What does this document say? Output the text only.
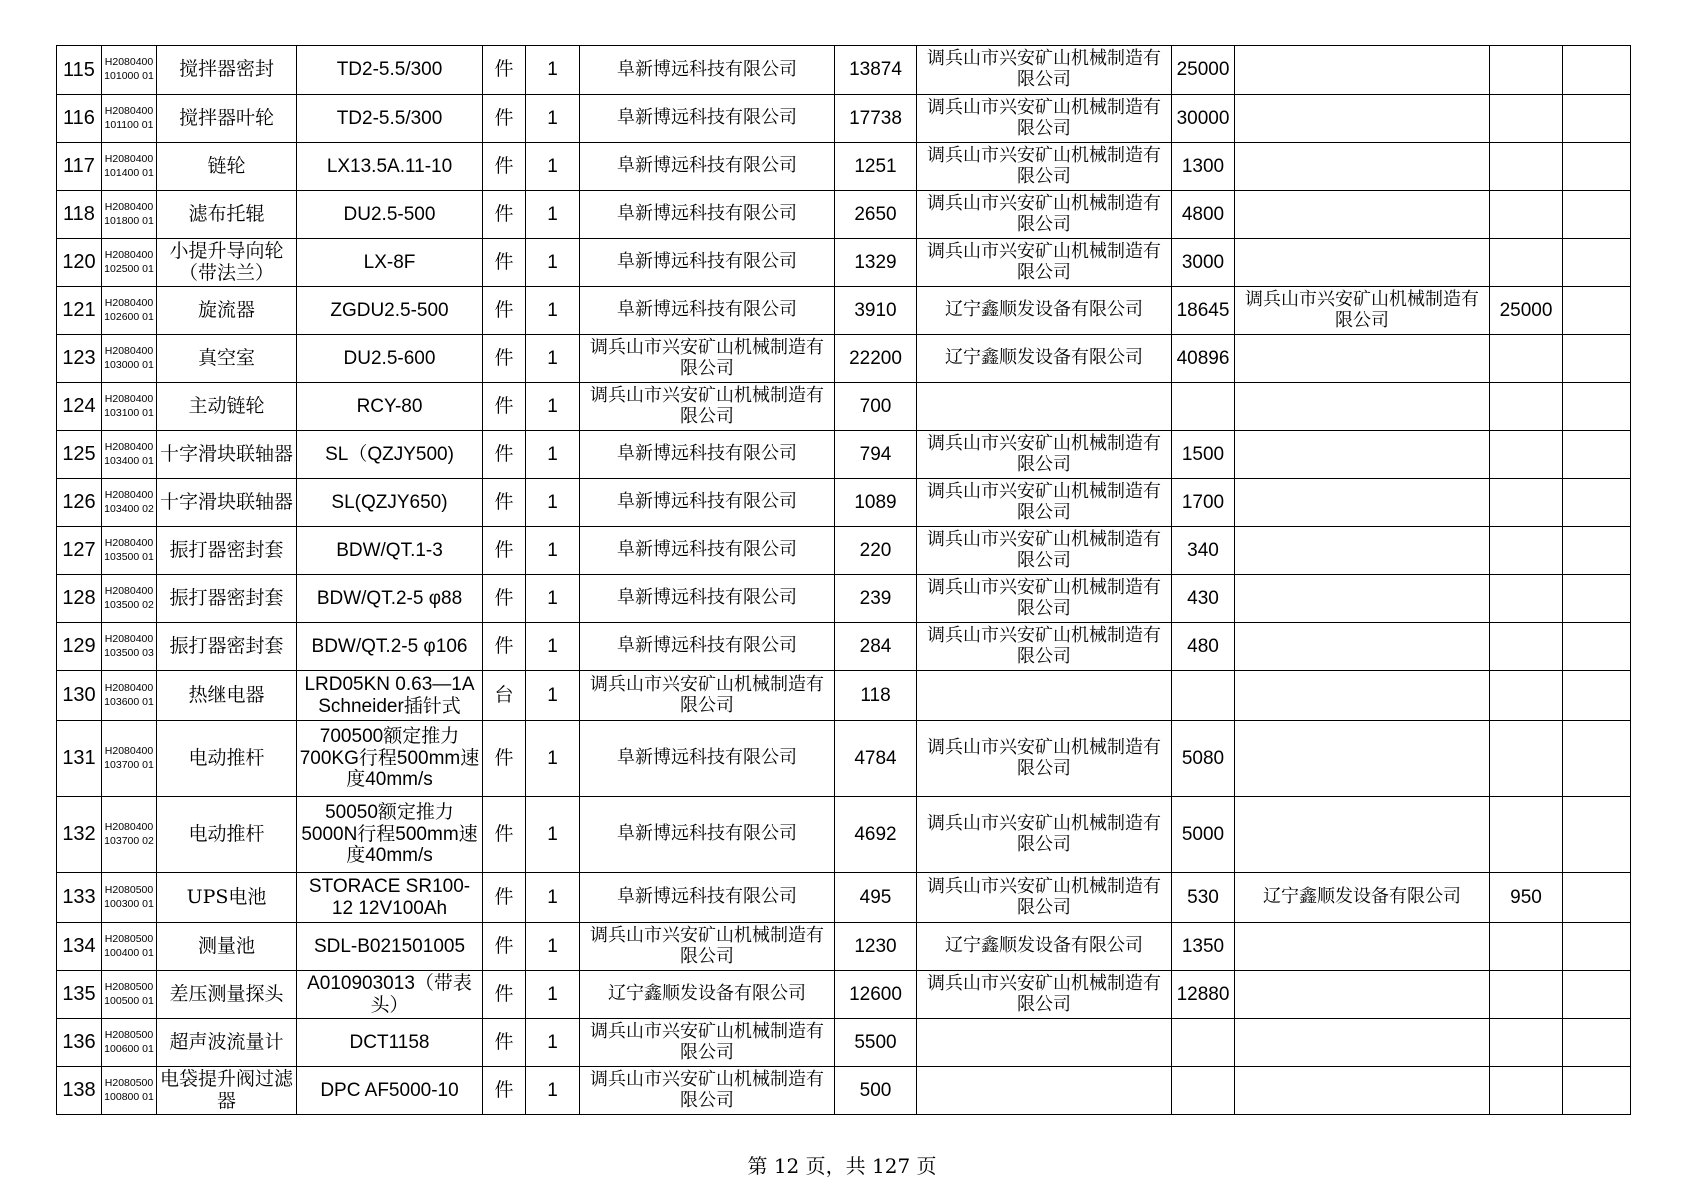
115	H2080400101000 01	搅拌器密封	TD2-5.5/300	件	1	阜新博远科技有限公司	13874	调兵山市兴安矿山机械制造有限公司	25000			
116	H2080400101100 01	搅拌器叶轮	TD2-5.5/300	件	1	阜新博远科技有限公司	17738	调兵山市兴安矿山机械制造有限公司	30000			
117	H2080400101400 01	链轮	LX13.5A.11-10	件	1	阜新博远科技有限公司	1251	调兵山市兴安矿山机械制造有限公司	1300			
118	H2080400101800 01	滤布托辊	DU2.5-500	件	1	阜新博远科技有限公司	2650	调兵山市兴安矿山机械制造有限公司	4800			
120	H2080400102500 01	小提升导向轮（带法兰）	LX-8F	件	1	阜新博远科技有限公司	1329	调兵山市兴安矿山机械制造有限公司	3000			
121	H2080400102600 01	旋流器	ZGDU2.5-500	件	1	阜新博远科技有限公司	3910	辽宁鑫顺发设备有限公司	18645	调兵山市兴安矿山机械制造有限公司	25000	
123	H2080400103000 01	真空室	DU2.5-600	件	1	调兵山市兴安矿山机械制造有限公司	22200	辽宁鑫顺发设备有限公司	40896			
124	H2080400103100 01	主动链轮	RCY-80	件	1	调兵山市兴安矿山机械制造有限公司	700					
125	H2080400103400 01	十字滑块联轴器	SL（QZJY500)	件	1	阜新博远科技有限公司	794	调兵山市兴安矿山机械制造有限公司	1500			
126	H2080400103400 02	十字滑块联轴器	SL(QZJY650)	件	1	阜新博远科技有限公司	1089	调兵山市兴安矿山机械制造有限公司	1700			
127	H2080400103500 01	振打器密封套	BDW/QT.1-3	件	1	阜新博远科技有限公司	220	调兵山市兴安矿山机械制造有限公司	340			
128	H2080400103500 02	振打器密封套	BDW/QT.2-5 φ88	件	1	阜新博远科技有限公司	239	调兵山市兴安矿山机械制造有限公司	430			
129	H2080400103500 03	振打器密封套	BDW/QT.2-5 φ106	件	1	阜新博远科技有限公司	284	调兵山市兴安矿山机械制造有限公司	480			
130	H2080400103600 01	热继电器	LRD05KN 0.63—1A Schneider插针式	台	1	调兵山市兴安矿山机械制造有限公司	118					
131	H2080400103700 01	电动推杆	700500额定推力700KG行程500mm速度40mm/s	件	1	阜新博远科技有限公司	4784	调兵山市兴安矿山机械制造有限公司	5080			
132	H2080400103700 02	电动推杆	50050额定推力5000N行程500mm速度40mm/s	件	1	阜新博远科技有限公司	4692	调兵山市兴安矿山机械制造有限公司	5000			
133	H2080500100300 01	UPS电池	STORACE SR100-12 12V100Ah	件	1	阜新博远科技有限公司	495	调兵山市兴安矿山机械制造有限公司	530	辽宁鑫顺发设备有限公司	950	
134	H2080500100400 01	测量池	SDL-B021501005	件	1	调兵山市兴安矿山机械制造有限公司	1230	辽宁鑫顺发设备有限公司	1350			
135	H2080500100500 01	差压测量探头	A010903013（带表头）	件	1	辽宁鑫顺发设备有限公司	12600	调兵山市兴安矿山机械制造有限公司	12880			
136	H2080500100600 01	超声波流量计	DCT1158	件	1	调兵山市兴安矿山机械制造有限公司	5500					
138	H2080500100800 01	电袋提升阀过滤器	DPC AF5000-10	件	1	调兵山市兴安矿山机械制造有限公司	500					
第 12 页，共 127 页
